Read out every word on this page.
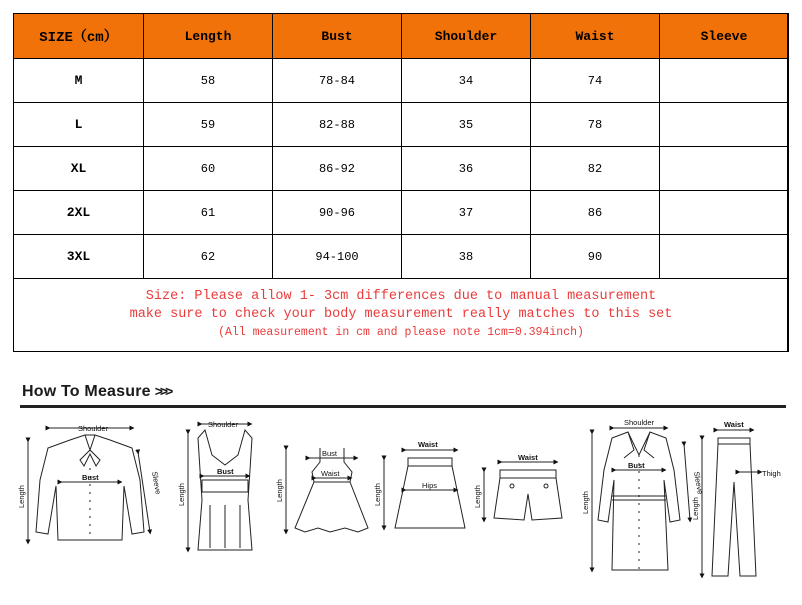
SIZE（cm）	Length	Bust	Shoulder	Waist	Sleeve
M	58	78-84	34	74	
L	59	82-88	35	78	
XL	60	86-92	36	82	
2XL	61	90-96	37	86	
3XL	62	94-100	38	90	

Size: Please allow 1- 3cm differences due to manual measurement
make sure to check your body measurement really matches to this set
(All measurement in cm and please note 1cm=0.394inch)					
How To Measure >>>
Shoulder
Bust
Length
Sleeve
Shoulder
Bust
Length
Bust
Waist
Length
Waist
Hips
Length
Waist
Length
Shoulder
Bust
Length
Sleeve
Waist
Thigh
Length
